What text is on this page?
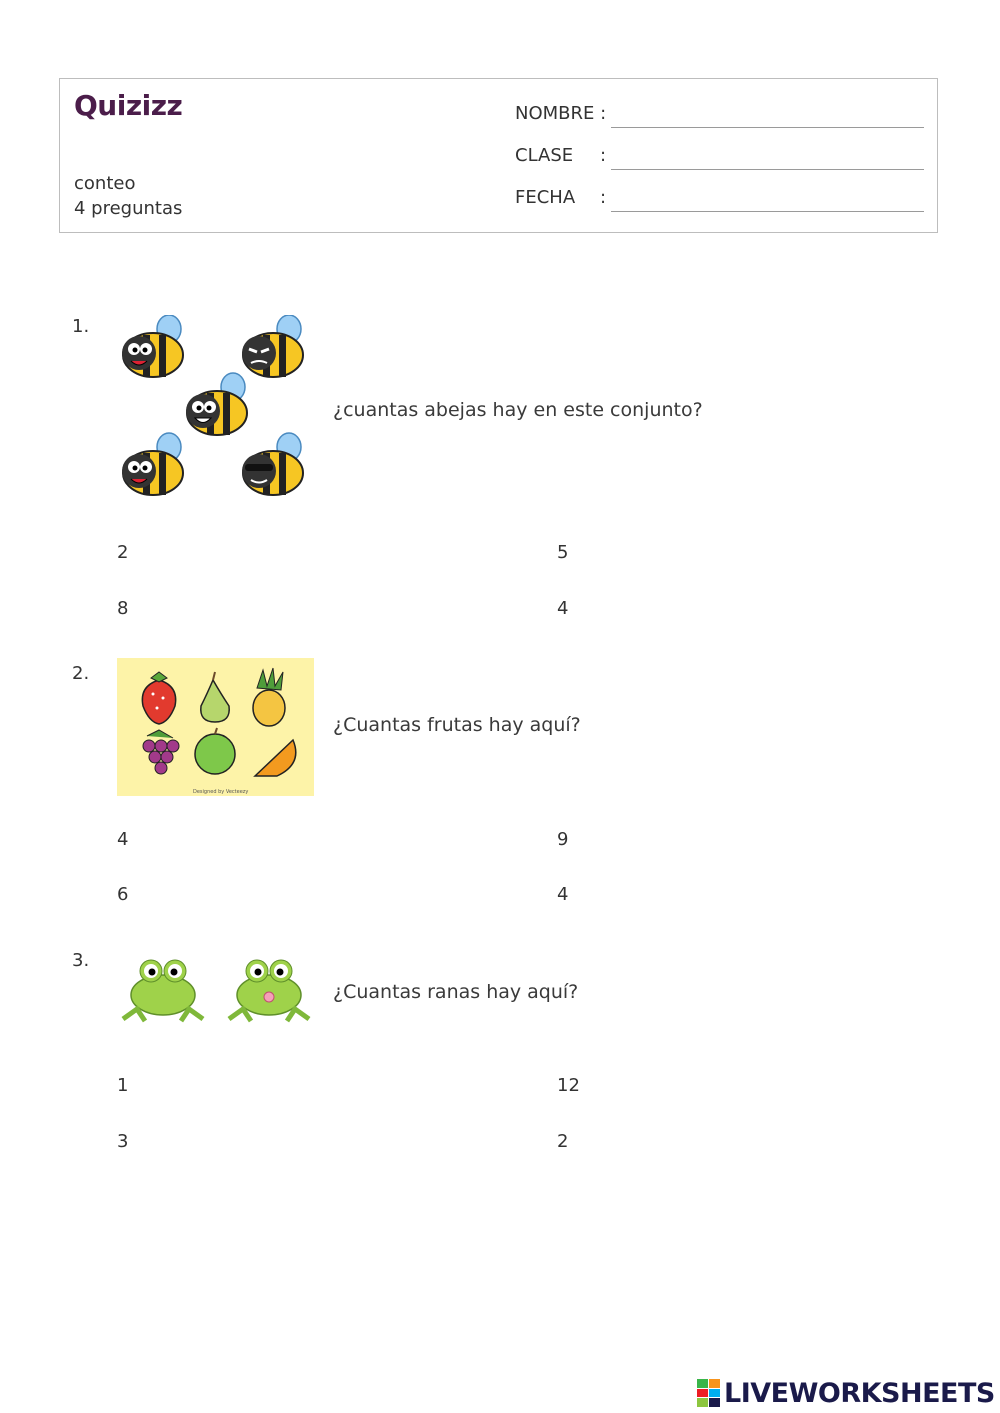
Quizizz
conteo
4 preguntas
NOMBRE :
CLASE :
FECHA :
1.
¿cuantas abejas hay en este conjunto?
2	5
8	4
2.
Designed by Vecteezy
¿Cuantas frutas hay aquí?
4	9
6	4
3.
¿Cuantas ranas hay aquí?
1	12
3	2
LIVEWORKSHEETS
